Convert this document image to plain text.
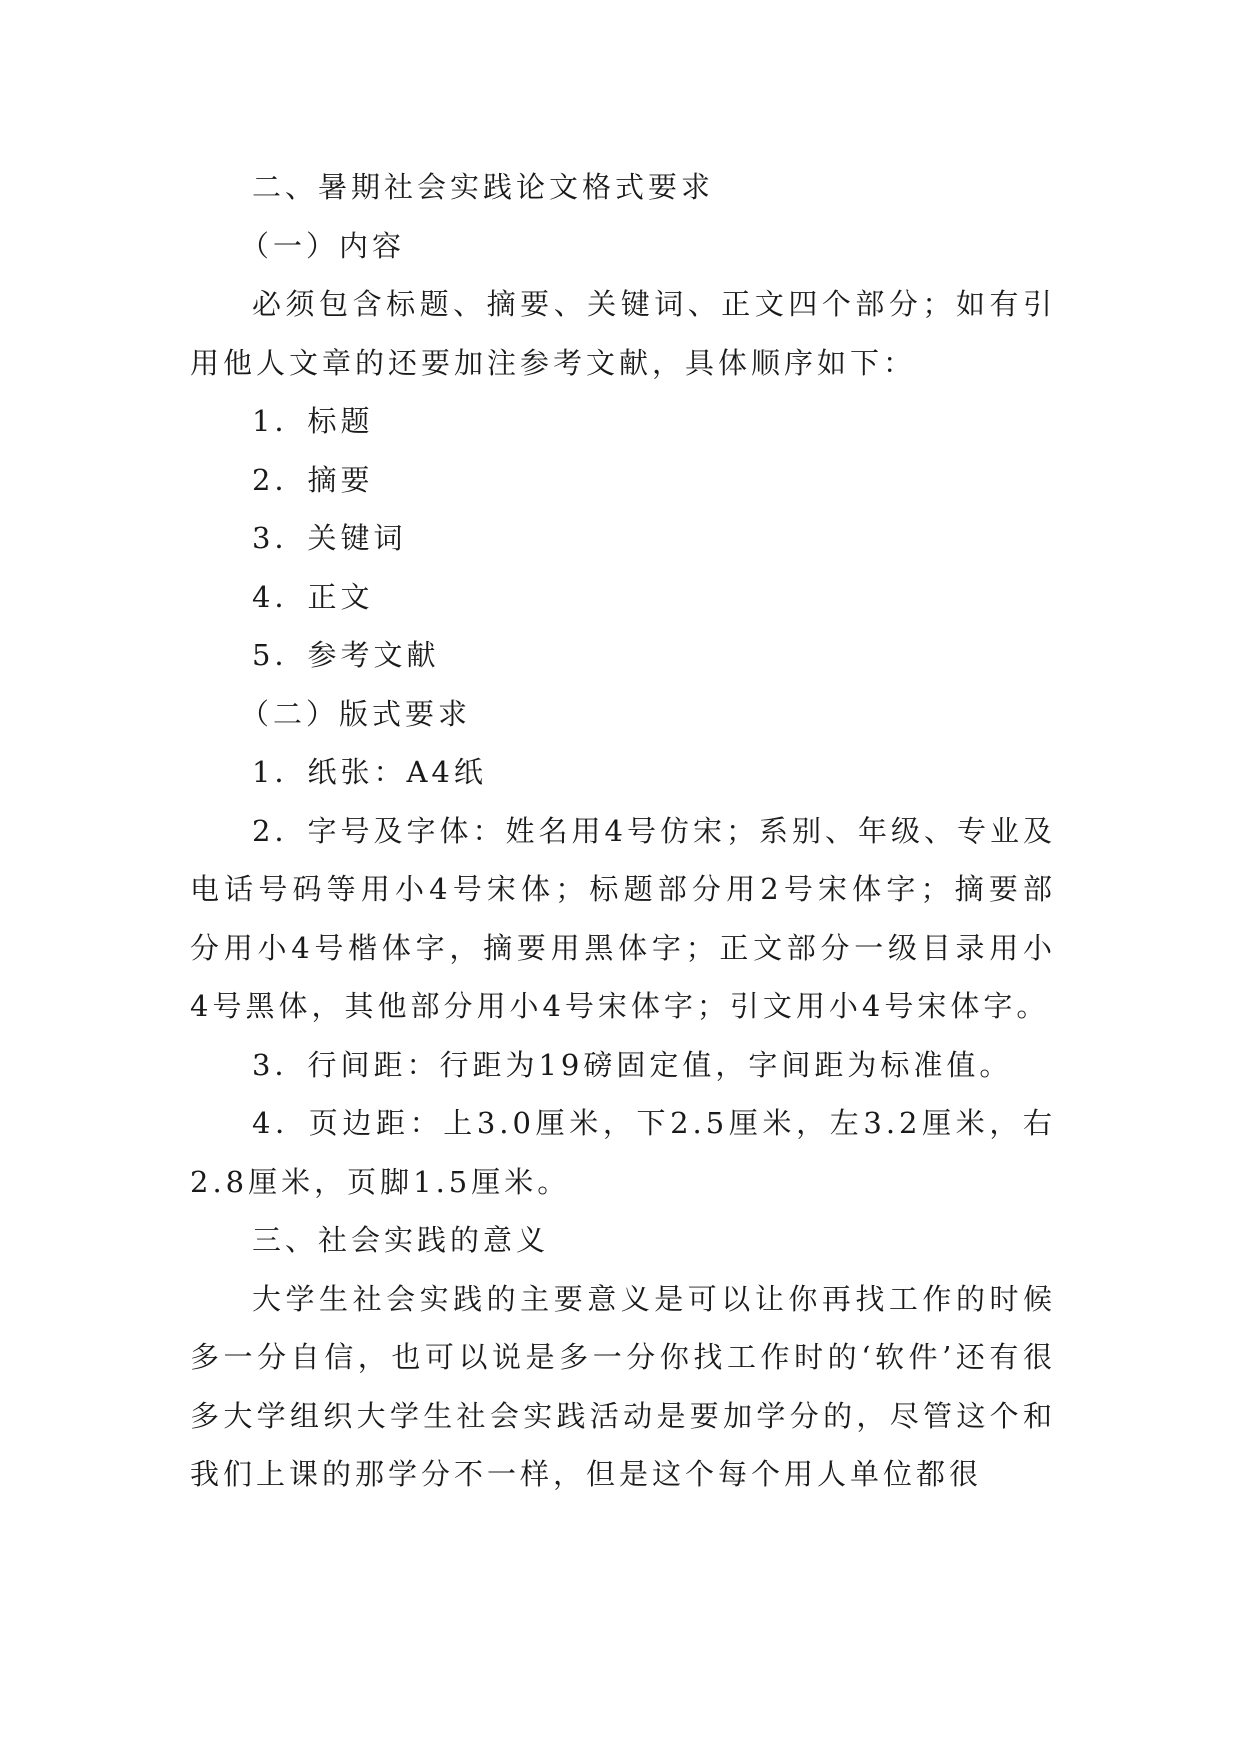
二、暑期社会实践论文格式要求

（一）内容

必须包含标题、摘要、关键词、正文四个部分；如有引用他人文章的还要加注参考文献，具体顺序如下：

1．标题

2．摘要

3．关键词

4．正文

5．参考文献

（二）版式要求

1．纸张：A4纸

2．字号及字体：姓名用4号仿宋；系别、年级、专业及电话号码等用小4号宋体；标题部分用2号宋体字；摘要部分用小4号楷体字，摘要用黑体字；正文部分一级目录用小4号黑体，其他部分用小4号宋体字；引文用小4号宋体字。

3．行间距：行距为19磅固定值，字间距为标准值。

4．页边距：上3.0厘米，下2.5厘米，左3.2厘米，右2.8厘米，页脚1.5厘米。

三、社会实践的意义

大学生社会实践的主要意义是可以让你再找工作的时候多一分自信，也可以说是多一分你找工作时的‘软件’还有很多大学组织大学生社会实践活动是要加学分的，尽管这个和我们上课的那学分不一样，但是这个每个用人单位都很
